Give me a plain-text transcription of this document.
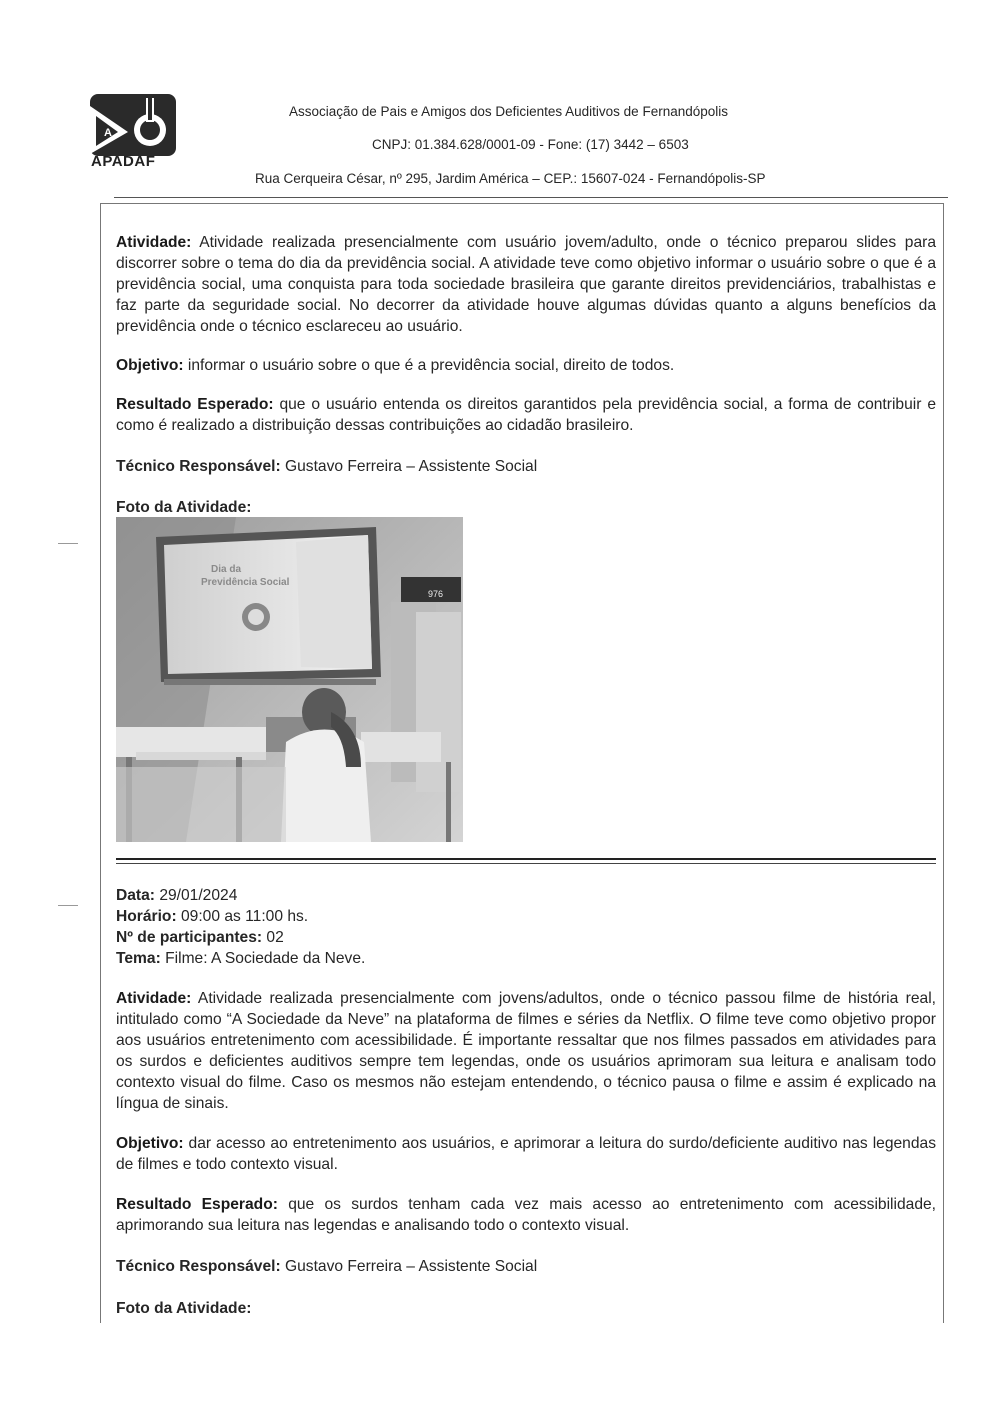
A
APADAF
Associação de Pais e Amigos dos Deficientes Auditivos de Fernandópolis
CNPJ: 01.384.628/0001-09 - Fone: (17) 3442 – 6503
Rua Cerqueira César, nº 295, Jardim América – CEP.: 15607-024 - Fernandópolis-SP
Atividade: Atividade realizada presencialmente com usuário jovem/adulto, onde o técnico preparou slides para discorrer sobre o tema do dia da previdência social. A atividade teve como objetivo informar o usuário sobre o que é a previdência social, uma conquista para toda sociedade brasileira que garante direitos previdenciários, trabalhistas e faz parte da seguridade social. No decorrer da atividade houve algumas dúvidas quanto a alguns benefícios da previdência onde o técnico esclareceu ao usuário.
Objetivo: informar o usuário sobre o que é a previdência social, direito de todos.
Resultado Esperado: que o usuário entenda os direitos garantidos pela previdência social, a forma de contribuir e como é realizado a distribuição dessas contribuições ao cidadão brasileiro.
Técnico Responsável: Gustavo Ferreira – Assistente Social
Foto da Atividade:
Dia da
Previdência Social
976
Data: 29/01/2024
Horário: 09:00 as 11:00 hs.
Nº de participantes: 02
Tema: Filme: A Sociedade da Neve.
Atividade: Atividade realizada presencialmente com jovens/adultos, onde o técnico passou filme de história real, intitulado como “A Sociedade da Neve” na plataforma de filmes e séries da Netflix. O filme teve como objetivo propor aos usuários entretenimento com acessibilidade. É importante ressaltar que nos filmes passados em atividades para os surdos e deficientes auditivos sempre tem legendas, onde os usuários aprimoram sua leitura e analisam todo contexto visual do filme. Caso os mesmos não estejam entendendo, o técnico pausa o filme e assim é explicado na língua de sinais.
Objetivo: dar acesso ao entretenimento aos usuários, e aprimorar a leitura do surdo/deficiente auditivo nas legendas de filmes e todo contexto visual.
Resultado Esperado: que os surdos tenham cada vez mais acesso ao entretenimento com acessibilidade, aprimorando sua leitura nas legendas e analisando todo o contexto visual.
Técnico Responsável: Gustavo Ferreira – Assistente Social
Foto da Atividade:
